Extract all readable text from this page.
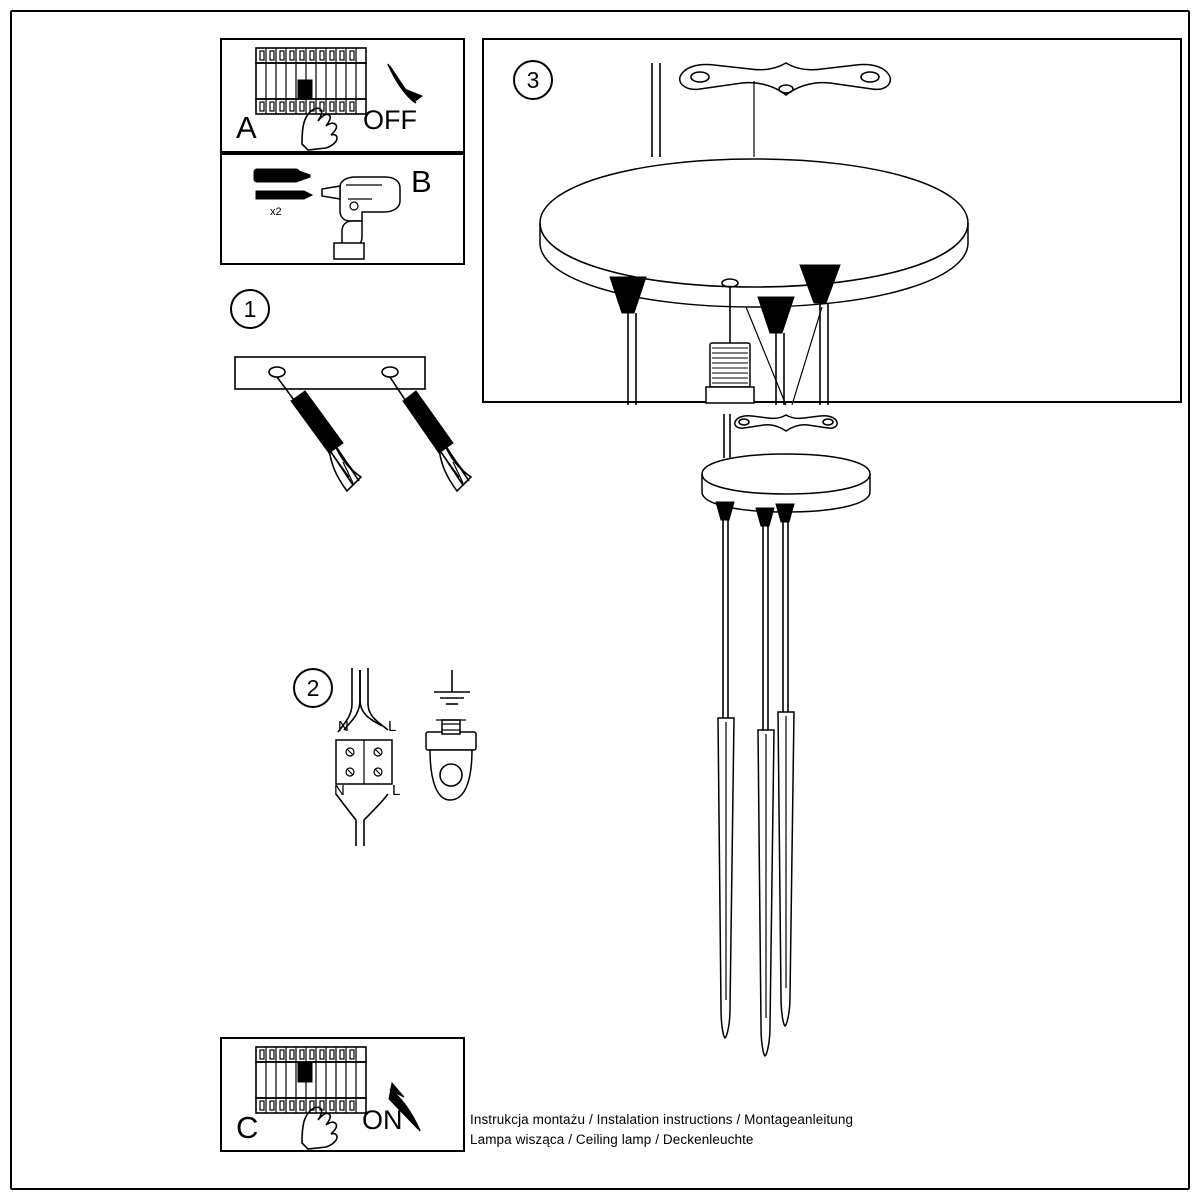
A	OFF
x2
B
1
2
N	L
N	L
3
C	ON	Instrukcja montażu / Instalation instructions / Montageanleitung
Lampa wisząca / Ceiling lamp / Deckenleuchte
